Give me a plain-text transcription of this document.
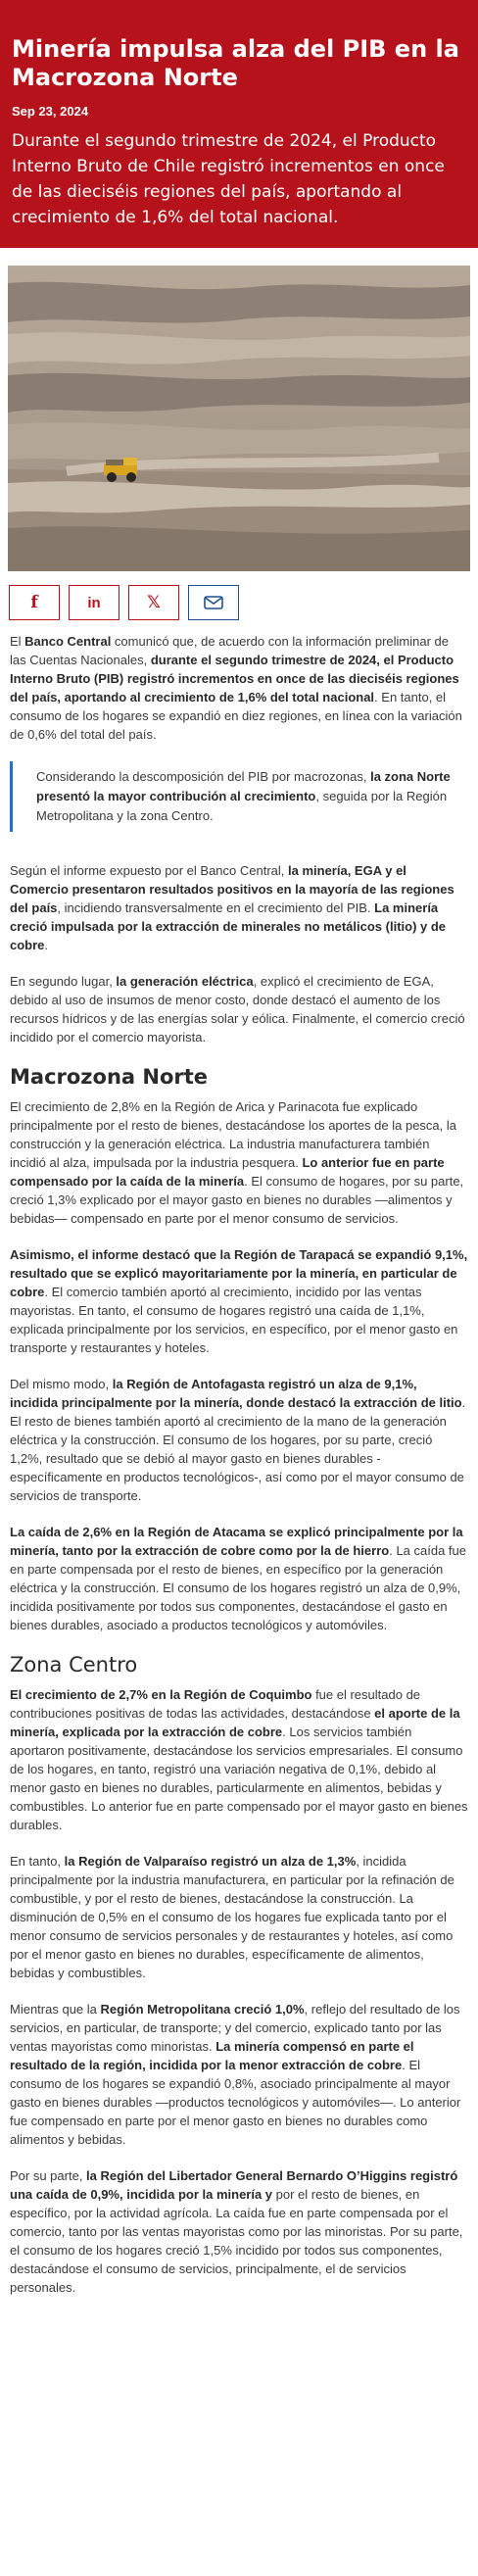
Minería impulsa alza del PIB en la Macrozona Norte
Sep 23, 2024
Durante el segundo trimestre de 2024, el Producto Interno Bruto de Chile registró incrementos en once de las dieciséis regiones del país, aportando al crecimiento de 1,6% del total nacional.
f	in	𝕏

El Banco Central comunicó que, de acuerdo con la información preliminar de las Cuentas Nacionales, durante el segundo trimestre de 2024, el Producto Interno Bruto (PIB) registró incrementos en once de las dieciséis regiones del país, aportando al crecimiento de 1,6% del total nacional. En tanto, el consumo de los hogares se expandió en diez regiones, en línea con la variación de 0,6% del total del país.

Considerando la descomposición del PIB por macrozonas, la zona Norte presentó la mayor contribución al crecimiento, seguida por la Región Metropolitana y la zona Centro.

Según el informe expuesto por el Banco Central, la minería, EGA y el Comercio presentaron resultados positivos en la mayoría de las regiones del país, incidiendo transversalmente en el crecimiento del PIB. La minería creció impulsada por la extracción de minerales no metálicos (litio) y de cobre.

En segundo lugar, la generación eléctrica, explicó el crecimiento de EGA, debido al uso de insumos de menor costo, donde destacó el aumento de los recursos hídricos y de las energías solar y eólica. Finalmente, el comercio creció incidido por el comercio mayorista.

Macrozona Norte

El crecimiento de 2,8% en la Región de Arica y Parinacota fue explicado principalmente por el resto de bienes, destacándose los aportes de la pesca, la construcción y la generación eléctrica. La industria manufacturera también incidió al alza, impulsada por la industria pesquera. Lo anterior fue en parte compensado por la caída de la minería. El consumo de hogares, por su parte, creció 1,3% explicado por el mayor gasto en bienes no durables —alimentos y bebidas— compensado en parte por el menor consumo de servicios.

Asimismo, el informe destacó que la Región de Tarapacá se expandió 9,1%, resultado que se explicó mayoritariamente por la minería, en particular de cobre. El comercio también aportó al crecimiento, incidido por las ventas mayoristas. En tanto, el consumo de hogares registró una caída de 1,1%, explicada principalmente por los servicios, en específico, por el menor gasto en transporte y restaurantes y hoteles.

Del mismo modo, la Región de Antofagasta registró un alza de 9,1%, incidida principalmente por la minería, donde destacó la extracción de litio. El resto de bienes también aportó al crecimiento de la mano de la generación eléctrica y la construcción. El consumo de los hogares, por su parte, creció 1,2%, resultado que se debió al mayor gasto en bienes durables -específicamente en productos tecnológicos-, así como por el mayor consumo de servicios de transporte.

La caída de 2,6% en la Región de Atacama se explicó principalmente por la minería, tanto por la extracción de cobre como por la de hierro. La caída fue en parte compensada por el resto de bienes, en específico por la generación eléctrica y la construcción. El consumo de los hogares registró un alza de 0,9%, incidida positivamente por todos sus componentes, destacándose el gasto en bienes durables, asociado a productos tecnológicos y automóviles.

Zona Centro

El crecimiento de 2,7% en la Región de Coquimbo fue el resultado de contribuciones positivas de todas las actividades, destacándose el aporte de la minería, explicada por la extracción de cobre. Los servicios también aportaron positivamente, destacándose los servicios empresariales. El consumo de los hogares, en tanto, registró una variación negativa de 0,1%, debido al menor gasto en bienes no durables, particularmente en alimentos, bebidas y combustibles. Lo anterior fue en parte compensado por el mayor gasto en bienes durables.

En tanto, la Región de Valparaíso registró un alza de 1,3%, incidida principalmente por la industria manufacturera, en particular por la refinación de combustible, y por el resto de bienes, destacándose la construcción. La disminución de 0,5% en el consumo de los hogares fue explicada tanto por el menor consumo de servicios personales y de restaurantes y hoteles, así como por el menor gasto en bienes no durables, específicamente de alimentos, bebidas y combustibles.

Mientras que la Región Metropolitana creció 1,0%, reflejo del resultado de los servicios, en particular, de transporte; y del comercio, explicado tanto por las ventas mayoristas como minoristas. La minería compensó en parte el resultado de la región, incidida por la menor extracción de cobre. El consumo de los hogares se expandió 0,8%, asociado principalmente al mayor gasto en bienes durables —productos tecnológicos y automóviles—. Lo anterior fue compensado en parte por el menor gasto en bienes no durables como alimentos y bebidas.

Por su parte, la Región del Libertador General Bernardo O’Higgins registró una caída de 0,9%, incidida por la minería y por el resto de bienes, en específico, por la actividad agrícola. La caída fue en parte compensada por el comercio, tanto por las ventas mayoristas como por las minoristas. Por su parte, el consumo de los hogares creció 1,5% incidido por todos sus componentes, destacándose el consumo de servicios, principalmente, el de servicios personales.
